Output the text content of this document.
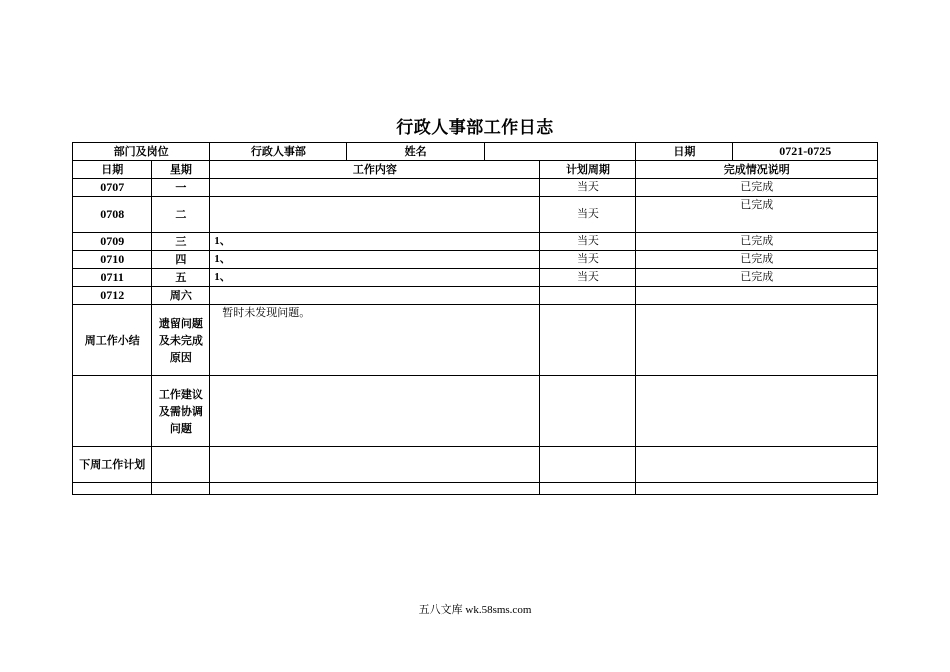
行政人事部工作日志
部门及岗位		行政人事部	姓名			日期	0721-0725
日期	星期	工作内容			计划周期	完成情况说明	
0707	一				当天	已完成	
0708	二				当天	已完成	
0709	三	1、			当天	已完成	
0710	四	1、			当天	已完成	
0711	五	1、			当天	已完成	
0712	周六						
周工作小结	遗留问题及未完成原因	暂时未发现问题。					
	工作建议及需协调问题						
下周工作计划							

五八文库 wk.58sms.com
